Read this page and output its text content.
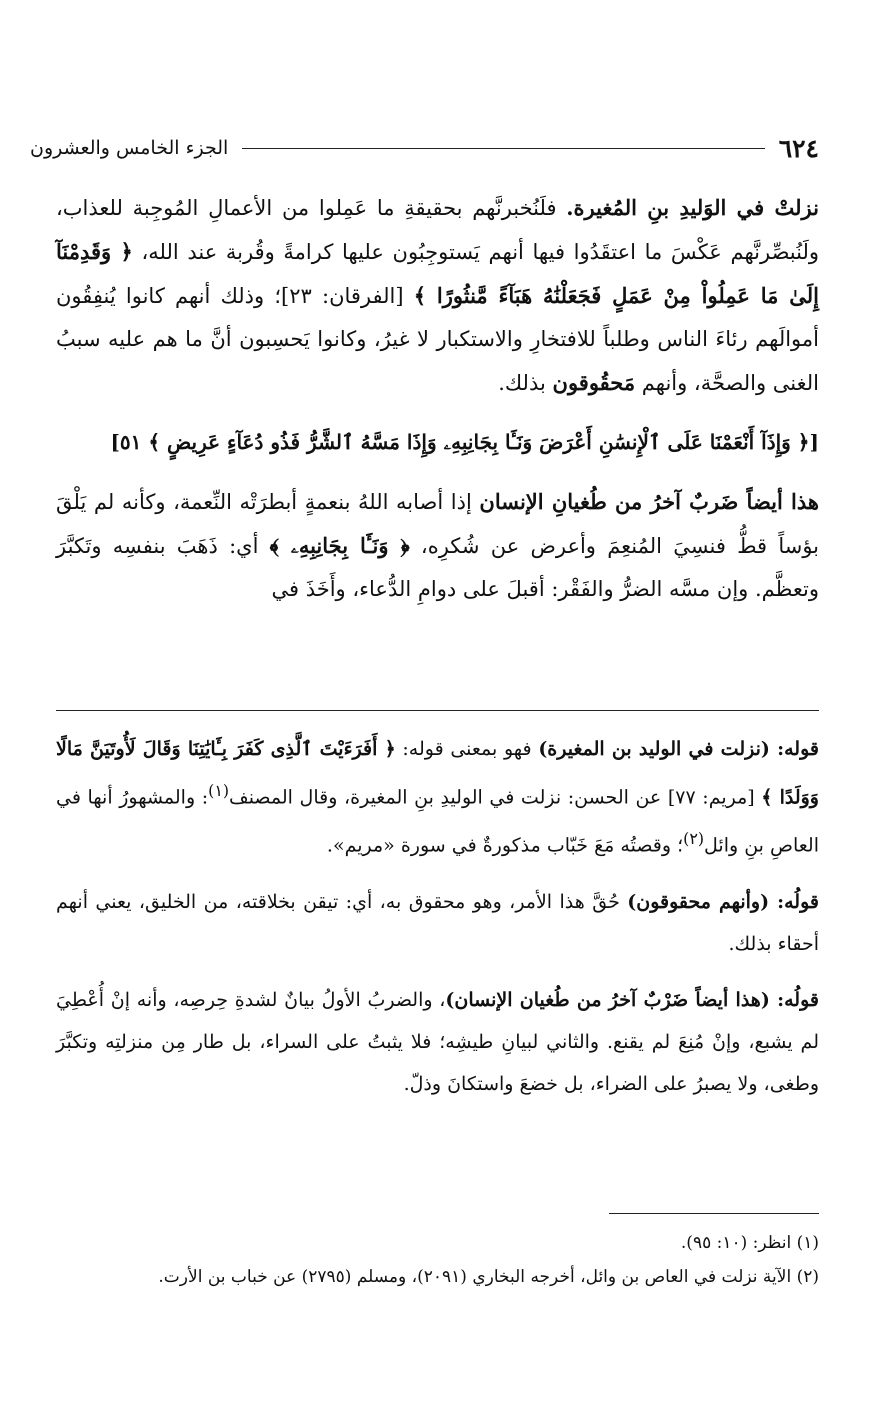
٦٢٤
الجزء الخامس والعشرون

نزلتْ في الوَليدِ بنِ المُغيرة. فلَنُخبرنَّهم بحقيقةِ ما عَمِلوا من الأعمالِ المُوجِبة للعذاب، ولَنُبصِّرنَّهم عَكْسَ ما اعتقَدُوا فيها أنهم يَستوجِبُون عليها كرامةً وقُربة عند الله، ﴿ وَقَدِمْنَآ إِلَىٰ مَا عَمِلُواْ مِنْ عَمَلٍ فَجَعَلْنَٰهُ هَبَآءً مَّنثُورًا ﴾ [الفرقان: ٢٣]؛ وذلك أنهم كانوا يُنفِقُون أموالَهم رئاءَ الناس وطلباً للافتخارِ والاستكبار لا غيرُ، وكانوا يَحسِبون أنَّ ما هم عليه سببُ الغنى والصحَّة، وأنهم مَحقُوقون بذلك.

[﴿ وَإِذَآ أَنْعَمْنَا عَلَى ٱلْإِنسَٰنِ أَعْرَضَ وَنَـَٔا بِجَانِبِهِۦ وَإِذَا مَسَّهُ ٱلشَّرُّ فَذُو دُعَآءٍ عَرِيضٍ ﴾ ٥١]

هذا أيضاً ضَربٌ آخرُ من طُغيانِ الإنسان إذا أصابه اللهُ بنعمةٍ أبطرَتْه النِّعمة، وكأنه لم يَلْقَ بؤساً قطُّ فنسِيَ المُنعِمَ وأعرض عن شُكرِه، ﴿ وَنَـَٔا بِجَانِبِهِۦ ﴾ أي: ذَهَبَ بنفسِه وتَكبَّرَ وتعظَّم. وإن مسَّه الضرُّ والفَقْر: أقبلَ على دوامِ الدُّعاء، وأَخَذَ في

قوله: (نزلت في الوليد بن المغيرة) فهو بمعنى قوله: ﴿ أَفَرَءَيْتَ ٱلَّذِى كَفَرَ بِـَٔايَٰتِنَا وَقَالَ لَأُوتَيَنَّ مَالًا وَوَلَدًا ﴾ [مريم: ٧٧] عن الحسن: نزلت في الوليدِ بنِ المغيرة، وقال المصنف$^{(١)}$: والمشهورُ أنها في العاصِ بنِ وائل$^{(٢)}$؛ وقصتُه مَعَ خَبّاب مذكورةٌ في سورة «مريم».

قولُه: (وأنهم محقوقون) حُقَّ هذا الأمر، وهو محقوق به، أي: تيقن بخلاقته، من الخليق، يعني أنهم أحقاء بذلك.

قولُه: (هذا أيضاً ضَرْبٌ آخرُ من طُغيان الإنسان)، والضربُ الأولُ بيانٌ لشدةِ حِرصِه، وأنه إنْ أُعْطِيَ لم يشبع، وإنْ مُنِعَ لم يقنع. والثاني لبيانِ طيشِه؛ فلا يثبتُ على السراء، بل طار مِن منزلتِه وتكبَّرَ وطغى، ولا يصبرُ على الضراء، بل خضعَ واستكانَ وذلّ.

(١) انظر: (١٠: ٩٥).
(٢) الآية نزلت في العاص بن وائل، أخرجه البخاري (٢٠٩١)، ومسلم (٢٧٩٥) عن خباب بن الأرت.
